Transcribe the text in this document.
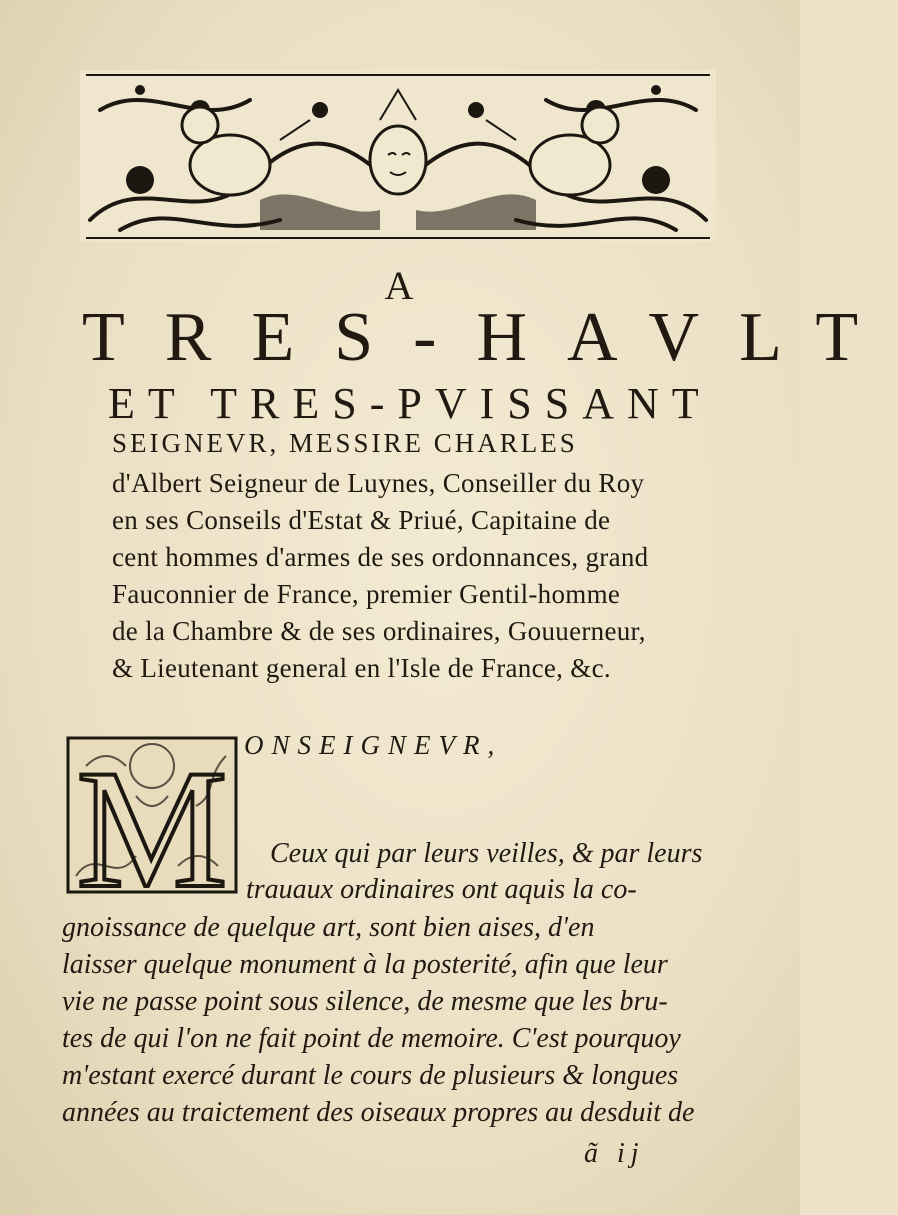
A
TRES-HAVLT
ET TRES-PVISSANT
SEIGNEVR, MESSIRE CHARLES
d'Albert Seigneur de Luynes, Conseiller du Roy
en ses Conseils d'Estat & Priué, Capitaine de
cent hommes d'armes de ses ordonnances, grand
Fauconnier de France, premier Gentil-homme
de la Chambre & de ses ordinaires, Gouuerneur,
& Lieutenant general en l'Isle de France, &c.
M ONSEIGNEVR,
Ceux qui par leurs veilles, & par leurs
trauaux ordinaires ont aquis la co-
gnoissance de quelque art, sont bien aises, d'en
laisser quelque monument à la posterité, afin que leur
vie ne passe point sous silence, de mesme que les bru-
tes de qui l'on ne fait point de memoire. C'est pourquoy
m'estant exercé durant le cours de plusieurs & longues
années au traictement des oiseaux propres au desduit de
ã ij
